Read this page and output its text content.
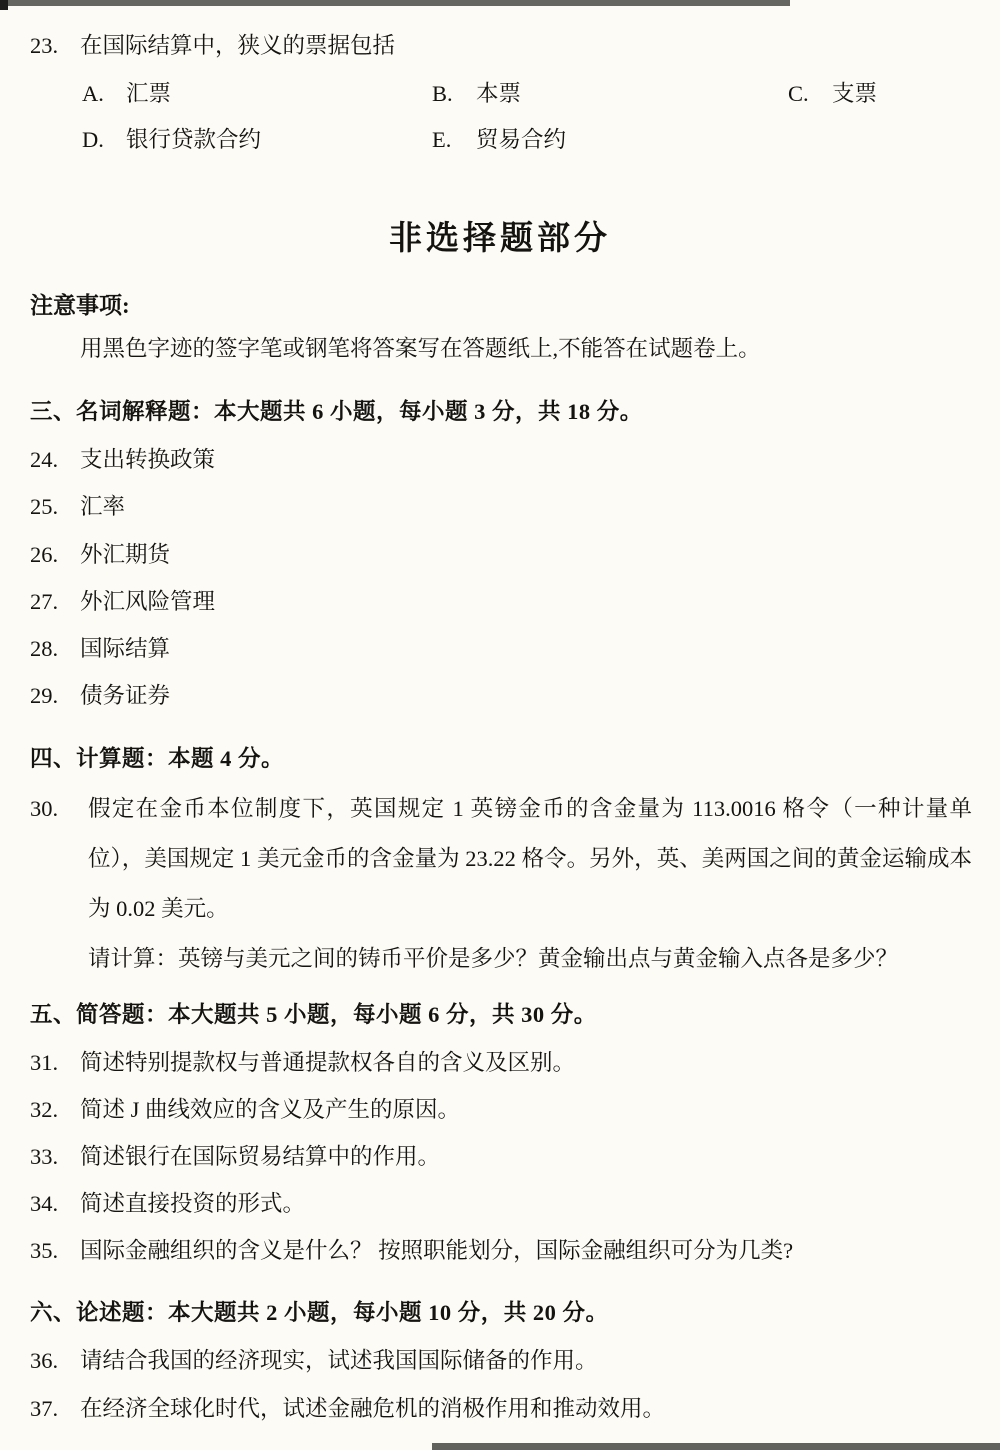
23. 在国际结算中，狭义的票据包括
A. 汇票	B. 本票	C. 支票
D. 银行贷款合约	E. 贸易合约
非选择题部分
注意事项:
用黑色字迹的签字笔或钢笔将答案写在答题纸上,不能答在试题卷上。
三、名词解释题：本大题共 6 小题，每小题 3 分，共 18 分。
24. 支出转换政策
25. 汇率
26. 外汇期货
27. 外汇风险管理
28. 国际结算
29. 债务证券
四、计算题：本题 4 分。

30. 假定在金币本位制度下，英国规定 1 英镑金币的含金量为 113.0016 格令（一种计量单位），美国规定 1 美元金币的含金量为 23.22 格令。另外，英、美两国之间的黄金运输成本为 0.02 美元。

请计算：英镑与美元之间的铸币平价是多少？黄金输出点与黄金输入点各是多少？

五、简答题：本大题共 5 小题，每小题 6 分，共 30 分。
31. 简述特别提款权与普通提款权各自的含义及区别。
32. 简述 J 曲线效应的含义及产生的原因。
33. 简述银行在国际贸易结算中的作用。
34. 简述直接投资的形式。
35. 国际金融组织的含义是什么？ 按照职能划分，国际金融组织可分为几类?
六、论述题：本大题共 2 小题，每小题 10 分，共 20 分。
36. 请结合我国的经济现实，试述我国国际储备的作用。
37. 在经济全球化时代，试述金融危机的消极作用和推动效用。
